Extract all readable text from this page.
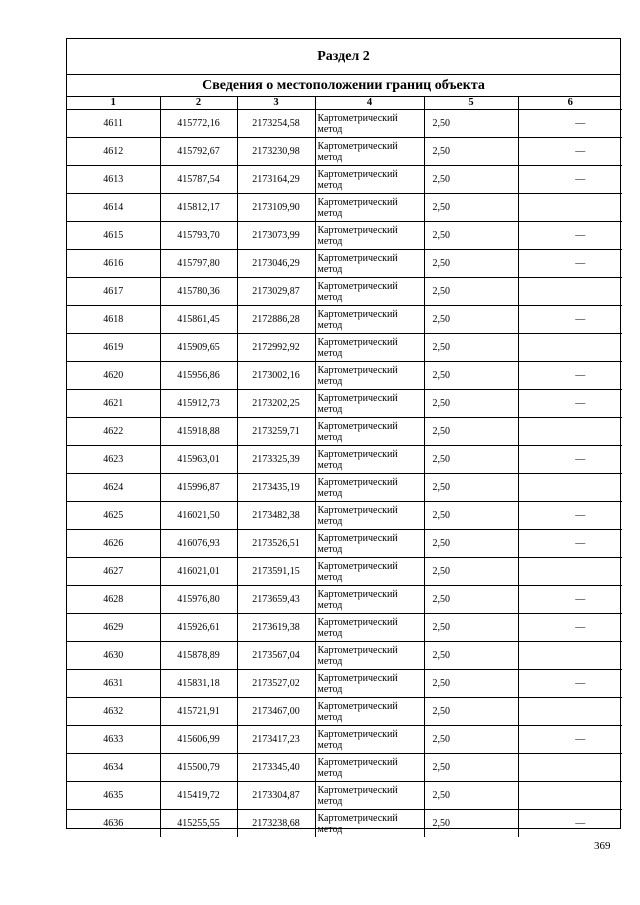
Раздел 2
Сведения о местоположении границ объекта
1	2	3	4	5	6
4611	415772,16	2173254,58	Картометрический метод	2,50	—
4612	415792,67	2173230,98	Картометрический метод	2,50	—
4613	415787,54	2173164,29	Картометрический метод	2,50	—
4614	415812,17	2173109,90	Картометрический метод	2,50	
4615	415793,70	2173073,99	Картометрический метод	2,50	—
4616	415797,80	2173046,29	Картометрический метод	2,50	—
4617	415780,36	2173029,87	Картометрический метод	2,50	
4618	415861,45	2172886,28	Картометрический метод	2,50	—
4619	415909,65	2172992,92	Картометрический метод	2,50	
4620	415956,86	2173002,16	Картометрический метод	2,50	—
4621	415912,73	2173202,25	Картометрический метод	2,50	—
4622	415918,88	2173259,71	Картометрический метод	2,50	
4623	415963,01	2173325,39	Картометрический метод	2,50	—
4624	415996,87	2173435,19	Картометрический метод	2,50	
4625	416021,50	2173482,38	Картометрический метод	2,50	—
4626	416076,93	2173526,51	Картометрический метод	2,50	—
4627	416021,01	2173591,15	Картометрический метод	2,50	
4628	415976,80	2173659,43	Картометрический метод	2,50	—
4629	415926,61	2173619,38	Картометрический метод	2,50	—
4630	415878,89	2173567,04	Картометрический метод	2,50	
4631	415831,18	2173527,02	Картометрический метод	2,50	—
4632	415721,91	2173467,00	Картометрический метод	2,50	
4633	415606,99	2173417,23	Картометрический метод	2,50	—
4634	415500,79	2173345,40	Картометрический метод	2,50	
4635	415419,72	2173304,87	Картометрический метод	2,50	
4636	415255,55	2173238,68	Картометрический метод	2,50	—
369
